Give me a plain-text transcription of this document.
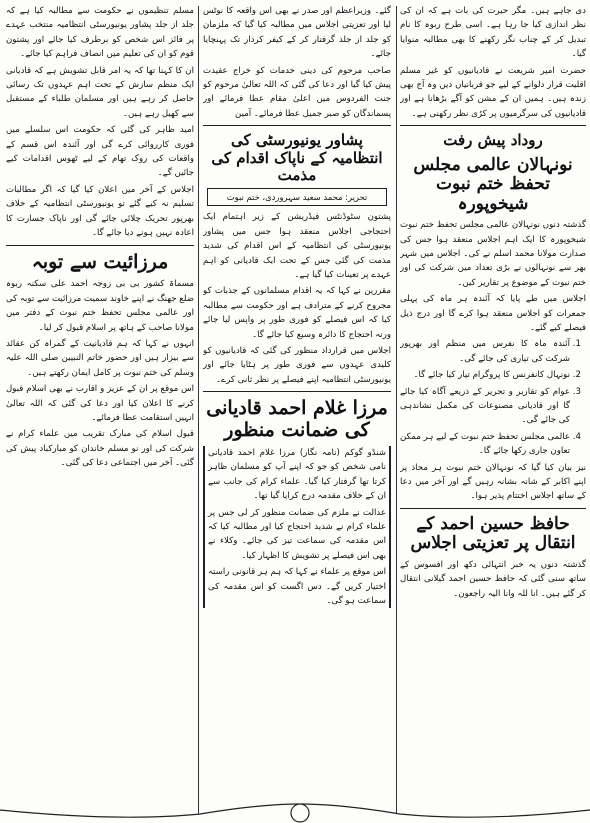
دی جاہے ہیں۔ مگر حیرت کی بات ہے کہ ان کی نظر اندازی کیا جا رہا ہے۔ اسی طرح ربوہ کا نام تبدیل کر کے چناب نگر رکھنے کا بھی مطالبہ منوایا گیا۔

حضرت امیر شریعت نے قادیانیوں کو غیر مسلم اقلیت قرار دلوانے کے لیے جو قربانیاں دیں وہ آج بھی زندہ ہیں۔ ہمیں ان کے مشن کو آگے بڑھانا ہے اور قادیانیوں کی سرگرمیوں پر کڑی نظر رکھنی ہے۔

روداد پیش رفت
نونہالان عالمی مجلس تحفظ ختم نبوت شیخوپورہ

گذشتہ دنوں نونہالان عالمی مجلس تحفظ ختم نبوت شیخوپورہ کا ایک اہم اجلاس منعقد ہوا جس کی صدارت مولانا محمد اسلم نے کی۔ اجلاس میں شہر بھر سے نونہالوں نے بڑی تعداد میں شرکت کی اور ختم نبوت کے موضوع پر تقاریر کیں۔

اجلاس میں طے پایا کہ آئندہ ہر ماہ کی پہلی جمعرات کو اجلاس منعقد ہوا کرے گا اور درج ذیل فیصلے کیے گئے۔

1. آئندہ ماہ کا نفرس میں منظم اور بھرپور شرکت کی تیاری کی جائے گی۔
2. نونہال کانفرنس کا پروگرام تیار کیا جائے گا۔
3. عوام کو تقاریر و تحریر کے ذریعے آگاہ کیا جائے گا اور قادیانی مصنوعات کی مکمل نشاندہی کی جائے گی۔
4. عالمی مجلس تحفظ ختم نبوت کے لیے ہر ممکن تعاون جاری رکھا جائے گا۔

نیز بیان کیا گیا کہ نونہالان ختم نبوت ہر محاذ پر اپنے اکابر کے شانہ بشانہ رہیں گے اور آخر میں دعا کے ساتھ اجلاس اختتام پذیر ہوا۔

حافظ حسین احمد کے انتقال پر تعزیتی اجلاس

گذشتہ دنوں یہ خبر انتہائی دکھ اور افسوس کے ساتھ سنی گئی کہ حافظ حسین احمد گیلانی انتقال کر گئے ہیں۔ انا للہ وانا الیہ راجعون۔

گئے۔ وزیراعظم اور صدر نے بھی اس واقعہ کا نوٹس لیا اور تعزیتی اجلاس میں مطالبہ کیا گیا کہ ملزمان کو جلد از جلد گرفتار کر کے کیفر کردار تک پہنچایا جائے۔

صاحب مرحوم کی دینی خدمات کو خراج عقیدت پیش کیا گیا اور دعا کی گئی کہ اللہ تعالیٰ مرحوم کو جنت الفردوس میں اعلیٰ مقام عطا فرمائے اور پسماندگان کو صبر جمیل عطا فرمائے۔ آمین

پشاور یونیورسٹی کی انتظامیہ کے ناپاک اقدام کی مذمت
تحریر: محمد سعید سہروردی، ختم نبوت

پشتون سٹوڈنٹس فیڈریشن کے زیر اہتمام ایک احتجاجی اجلاس منعقد ہوا جس میں پشاور یونیورسٹی کی انتظامیہ کے اس اقدام کی شدید مذمت کی گئی جس کے تحت ایک قادیانی کو اہم عہدے پر تعینات کیا گیا ہے۔

مقررین نے کہا کہ یہ اقدام مسلمانوں کے جذبات کو مجروح کرنے کے مترادف ہے اور حکومت سے مطالبہ کیا کہ اس فیصلے کو فوری طور پر واپس لیا جائے ورنہ احتجاج کا دائرہ وسیع کیا جائے گا۔

اجلاس میں قرارداد منظور کی گئی کہ قادیانیوں کو کلیدی عہدوں سے فوری طور پر ہٹایا جائے اور یونیورسٹی انتظامیہ اپنے فیصلے پر نظر ثانی کرے۔

مرزا غلام احمد قادیانی کی ضمانت منظور

شنڈو گوکم (نامہ نگار) مرزا غلام احمد قادیانی نامی شخص کو جو کہ اپنے آپ کو مسلمان ظاہر کرتا تھا گرفتار کیا گیا۔ علماء کرام کی جانب سے ان کے خلاف مقدمہ درج کرایا گیا تھا۔

عدالت نے ملزم کی ضمانت منظور کر لی جس پر علماء کرام نے شدید احتجاج کیا اور مطالبہ کیا کہ اس مقدمہ کی سماعت تیز کی جائے۔ وکلاء نے بھی اس فیصلے پر تشویش کا اظہار کیا۔

اس موقع پر علماء نے کہا کہ ہم ہر قانونی راستہ اختیار کریں گے۔ دس اگست کو اس مقدمہ کی سماعت ہو گی۔

مسلم تنظیموں نے حکومت سے مطالبہ کیا ہے کہ جلد از جلد پشاور یونیورسٹی انتظامیہ منتخب عہدے پر فائز اس شخص کو برطرف کیا جائے اور پشتون قوم کو ان کی تعلیم میں انصاف فراہم کیا جائے۔

ان کا کہنا تھا کہ یہ امر قابل تشویش ہے کہ قادیانی ایک منظم سازش کے تحت اہم عہدوں تک رسائی حاصل کر رہے ہیں اور مسلمان طلباء کے مستقبل سے کھیل رہے ہیں۔

امید ظاہر کی گئی کہ حکومت اس سلسلے میں فوری کارروائی کرے گی اور آئندہ اس قسم کے واقعات کی روک تھام کے لیے ٹھوس اقدامات کیے جائیں گے۔

اجلاس کے آخر میں اعلان کیا گیا کہ اگر مطالبات تسلیم نہ کیے گئے تو یونیورسٹی انتظامیہ کے خلاف بھرپور تحریک چلائی جائے گی اور ناپاک جسارت کا اعادہ نہیں ہونے دیا جائے گا۔

مرزائیت سے توبہ

مسماۃ کشور بی بی زوجہ احمد علی سکنہ ربوہ ضلع جھنگ نے اپنے خاوند سمیت مرزائیت سے توبہ کی اور عالمی مجلس تحفظ ختم نبوت کے دفتر میں مولانا صاحب کے ہاتھ پر اسلام قبول کر لیا۔

انہوں نے کہا کہ ہم قادیانیت کے گمراہ کن عقائد سے بیزار ہیں اور حضور خاتم النبیین صلی اللہ علیہ وسلم کی ختم نبوت پر کامل ایمان رکھتے ہیں۔

اس موقع پر ان کے عزیز و اقارب نے بھی اسلام قبول کرنے کا اعلان کیا اور دعا کی گئی کہ اللہ تعالیٰ انہیں استقامت عطا فرمائے۔

قبول اسلام کی مبارک تقریب میں علماء کرام نے شرکت کی اور نو مسلم خاندان کو مبارکباد پیش کی گئی۔ آخر میں اجتماعی دعا کی گئی۔
